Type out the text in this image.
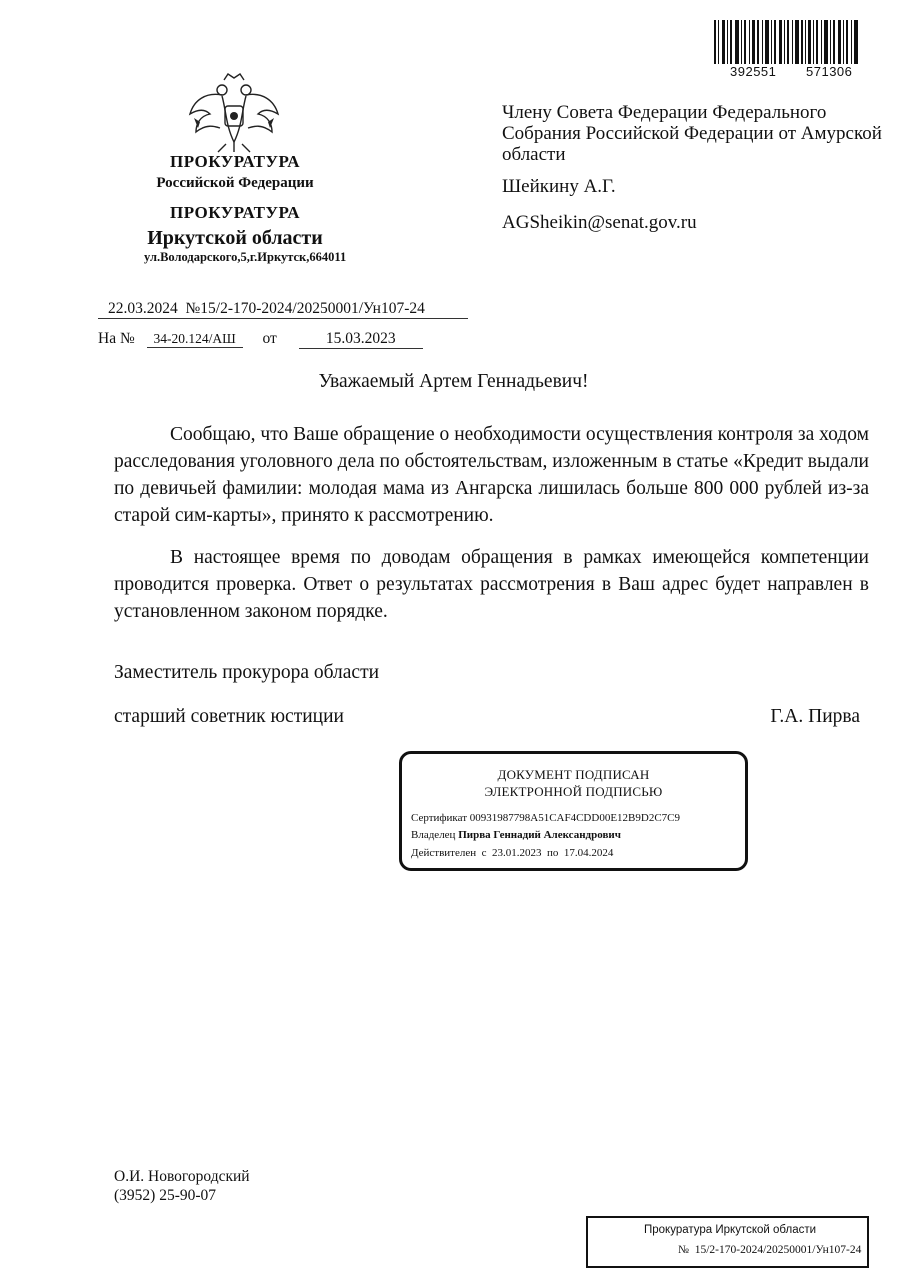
392551 571306
ПРОКУРАТУРА
Российской Федерации
ПРОКУРАТУРА
Иркутской области
ул.Володарского,5,г.Иркутск,664011
Члену Совета Федерации Федерального Собрания Российской Федерации от Амурской области
Шейкину А.Г.
AGSheikin@senat.gov.ru
22.03.2024  №15/2-170-2024/20250001/Ун107-24
На № 34-20.124/АШ от	15.03.2023
Уважаемый Артем Геннадьевич!

Сообщаю, что Ваше обращение о необходимости осуществления контроля за ходом расследования уголовного дела по обстоятельствам, изложенным в статье «Кредит выдали по девичьей фамилии: молодая мама из Ангарска лишилась больше 800 000 рублей из-за старой сим-карты», принято к рассмотрению.

В настоящее время по доводам обращения в рамках имеющейся компетенции проводится проверка. Ответ о результатах рассмотрения в Ваш адрес будет направлен в установленном законом порядке.

Заместитель прокурора области
старший советник юстиции	Г.А. Пирва
ДОКУМЕНТ ПОДПИСАН
ЭЛЕКТРОННОЙ ПОДПИСЬЮ
Сертификат 00931987798A51CAF4CDD00E12B9D2C7C9
Владелец Пирва Геннадий Александрович
Действителен  с  23.01.2023  по  17.04.2024
О.И. Новогородский
(3952) 25-90-07
Прокуратура Иркутской области
№  15/2-170-2024/20250001/Ун107-24
